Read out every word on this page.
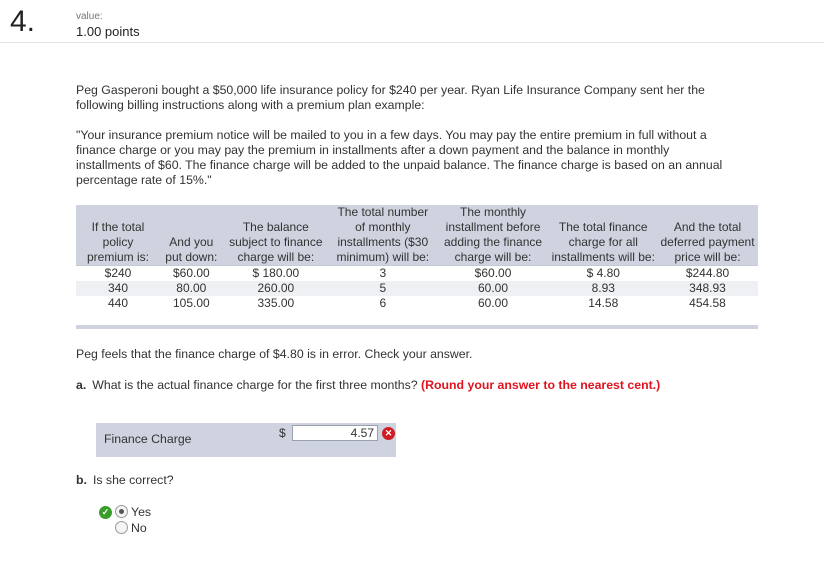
4.	value:
1.00 points
Peg Gasperoni bought a $50,000 life insurance policy for $240 per year. Ryan Life Insurance Company sent her the following billing instructions along with a premium plan example:
"Your insurance premium notice will be mailed to you in a few days. You may pay the entire premium in full without a finance charge or you may pay the premium in installments after a down payment and the balance in monthly installments of $60. The finance charge will be added to the unpaid balance. The finance charge is based on an annual percentage rate of 15%."
If the total policy premium is:	And you put down:	The balance subject to finance charge will be:	The total number of monthly installments ($30 minimum) will be:	The monthly installment before adding the finance charge will be:	The total finance charge for all installments will be:	And the total deferred payment price will be:
$240	$60.00	$ 180.00	3	$60.00	$ 4.80	$244.80
340	80.00	260.00	5	60.00	8.93	348.93
440	105.00	335.00	6	60.00	14.58	454.58
Peg feels that the finance charge of $4.80 is in error. Check your answer.
a. What is the actual finance charge for the first three months? (Round your answer to the nearest cent.)
Finance Charge	$
4.57	✕
b. Is she correct?
✓	Yes
No
